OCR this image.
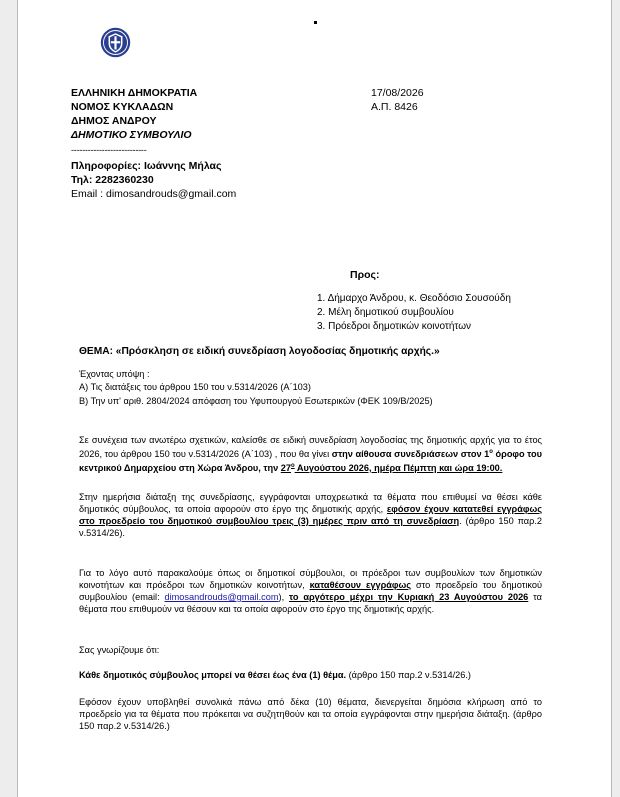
ΕΛΛΗΝΙΚΗ ΔΗΜΟΚΡΑΤΙΑ
ΝΟΜΟΣ ΚΥΚΛΑΔΩΝ
ΔΗΜΟΣ ΑΝΔΡΟΥ
ΔΗΜΟΤΙΚΟ ΣΥΜΒΟΥΛΙΟ
---------------------------
17/08/2026
Α.Π. 8426
Πληροφορίες: Ιωάννης Μήλας
Τηλ: 2282360230
Email : dimosandrouds@gmail.com
Προς:
1. Δήμαρχο Άνδρου, κ. Θεοδόσιο Σουσούδη
2. Μέλη δημοτικού συμβουλίου
3. Πρόεδροι δημοτικών κοινοτήτων
ΘΕΜΑ: «Πρόσκληση σε ειδική συνεδρίαση λογοδοσίας δημοτικής αρχής.»
Έχοντας υπόψη :
Α) Τις διατάξεις του άρθρου 150 του ν.5314/2026 (Α΄103)
Β) Την υπ' αριθ. 2804/2024 απόφαση του Υφυπουργού Εσωτερικών (ΦΕΚ 109/Β/2025)
Σε συνέχεια των ανωτέρω σχετικών, καλείσθε σε ειδική συνεδρίαση λογοδοσίας της δημοτικής αρχής για το έτος 2026, του άρθρου 150 του ν.5314/2026 (Α΄103) , που θα γίνει στην αίθουσα συνεδριάσεων στον $1^o$ όροφο του κεντρικού Δημαρχείου στη Χώρα Άνδρου, την $27^o$ Αυγούστου 2026, ημέρα Πέμπτη και ώρα 19:00.
Στην ημερήσια διάταξη της συνεδρίασης, εγγράφονται υποχρεωτικά τα θέματα που επιθυμεί να θέσει κάθε δημοτικός σύμβουλος, τα οποία αφορούν στο έργο της δημοτικής αρχής, εφόσον έχουν κατατεθεί εγγράφως στο προεδρείο του δημοτικού συμβουλίου τρεις (3) ημέρες πριν από τη συνεδρίαση. (άρθρο 150 παρ.2 ν.5314/26).
Για το λόγο αυτό παρακαλούμε όπως οι δημοτικοί σύμβουλοι, οι πρόεδροι των συμβουλίων των δημοτικών κοινοτήτων και πρόεδροι των δημοτικών κοινοτήτων, καταθέσουν εγγράφως στο προεδρείο του δημοτικού συμβουλίου (email: dimosandrouds@gmail.com), το αργότερο μέχρι την Κυριακή 23 Αυγούστου 2026 τα θέματα που επιθυμούν να θέσουν και τα οποία αφορούν στο έργο της δημοτικής αρχής.
Σας γνωρίζουμε ότι:
Κάθε δημοτικός σύμβουλος μπορεί να θέσει έως ένα (1) θέμα. (άρθρο 150 παρ.2 ν.5314/26.)
Εφόσον έχουν υποβληθεί συνολικά πάνω από δέκα (10) θέματα, διενεργείται δημόσια κλήρωση από το προεδρείο για τα θέματα που πρόκειται να συζητηθούν και τα οποία εγγράφονται στην ημερήσια διάταξη. (άρθρο 150 παρ.2 ν.5314/26.)
